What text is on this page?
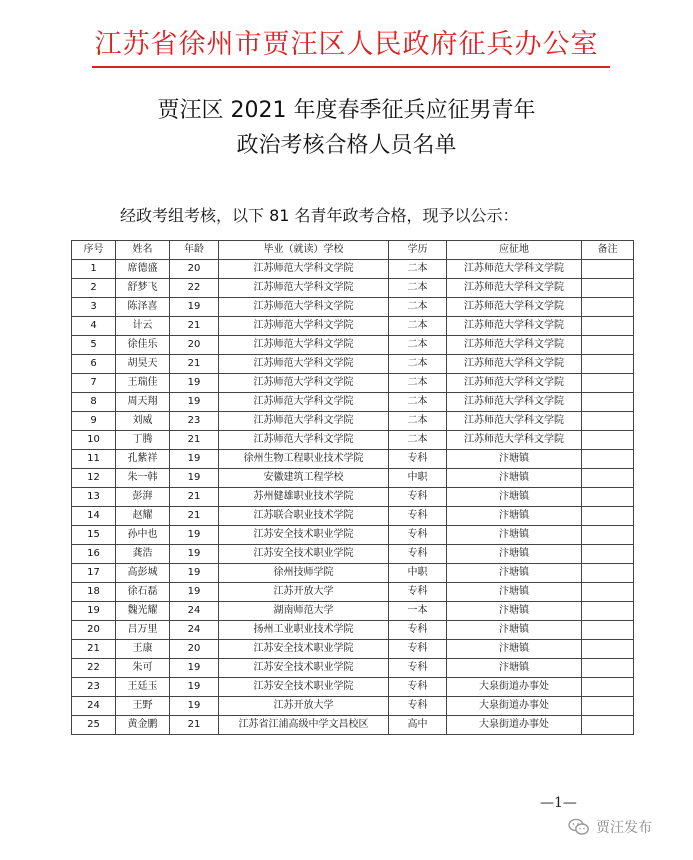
江苏省徐州市贾汪区人民政府征兵办公室
贾汪区 2021 年度春季征兵应征男青年
政治考核合格人员名单
经政考组考核，以下 81 名青年政考合格，现予以公示：
序号	姓名	年龄	毕业（就读）学校	学历	应征地	备注
1	席德盛	20	江苏师范大学科文学院	二本	江苏师范大学科文学院	
2	舒梦飞	22	江苏师范大学科文学院	二本	江苏师范大学科文学院	
3	陈泽喜	19	江苏师范大学科文学院	二本	江苏师范大学科文学院	
4	计云	21	江苏师范大学科文学院	二本	江苏师范大学科文学院	
5	徐佳乐	20	江苏师范大学科文学院	二本	江苏师范大学科文学院	
6	胡昊天	21	江苏师范大学科文学院	二本	江苏师范大学科文学院	
7	王瑞佳	19	江苏师范大学科文学院	二本	江苏师范大学科文学院	
8	周天翔	19	江苏师范大学科文学院	二本	江苏师范大学科文学院	
9	刘威	23	江苏师范大学科文学院	二本	江苏师范大学科文学院	
10	丁腾	21	江苏师范大学科文学院	二本	江苏师范大学科文学院	
11	孔紫祥	19	徐州生物工程职业技术学院	专科	汴塘镇	
12	朱一韩	19	安徽建筑工程学校	中职	汴塘镇	
13	彭湃	21	苏州健雄职业技术学院	专科	汴塘镇	
14	赵耀	21	江苏联合职业技术学院	专科	汴塘镇	
15	孙中也	19	江苏安全技术职业学院	专科	汴塘镇	
16	龚浩	19	江苏安全技术职业学院	专科	汴塘镇	
17	高彭城	19	徐州技师学院	中职	汴塘镇	
18	徐石磊	19	江苏开放大学	专科	汴塘镇	
19	魏光耀	24	湖南师范大学	一本	汴塘镇	
20	吕万里	24	扬州工业职业技术学院	专科	汴塘镇	
21	王康	20	江苏安全技术职业学院	专科	汴塘镇	
22	朱可	19	江苏安全技术职业学院	专科	汴塘镇	
23	王廷玉	19	江苏安全技术职业学院	专科	大泉街道办事处	
24	王野	19	江苏开放大学	专科	大泉街道办事处	
25	黄金鹏	21	江苏省江浦高级中学文昌校区	高中	大泉街道办事处	
—1—
贾汪发布
